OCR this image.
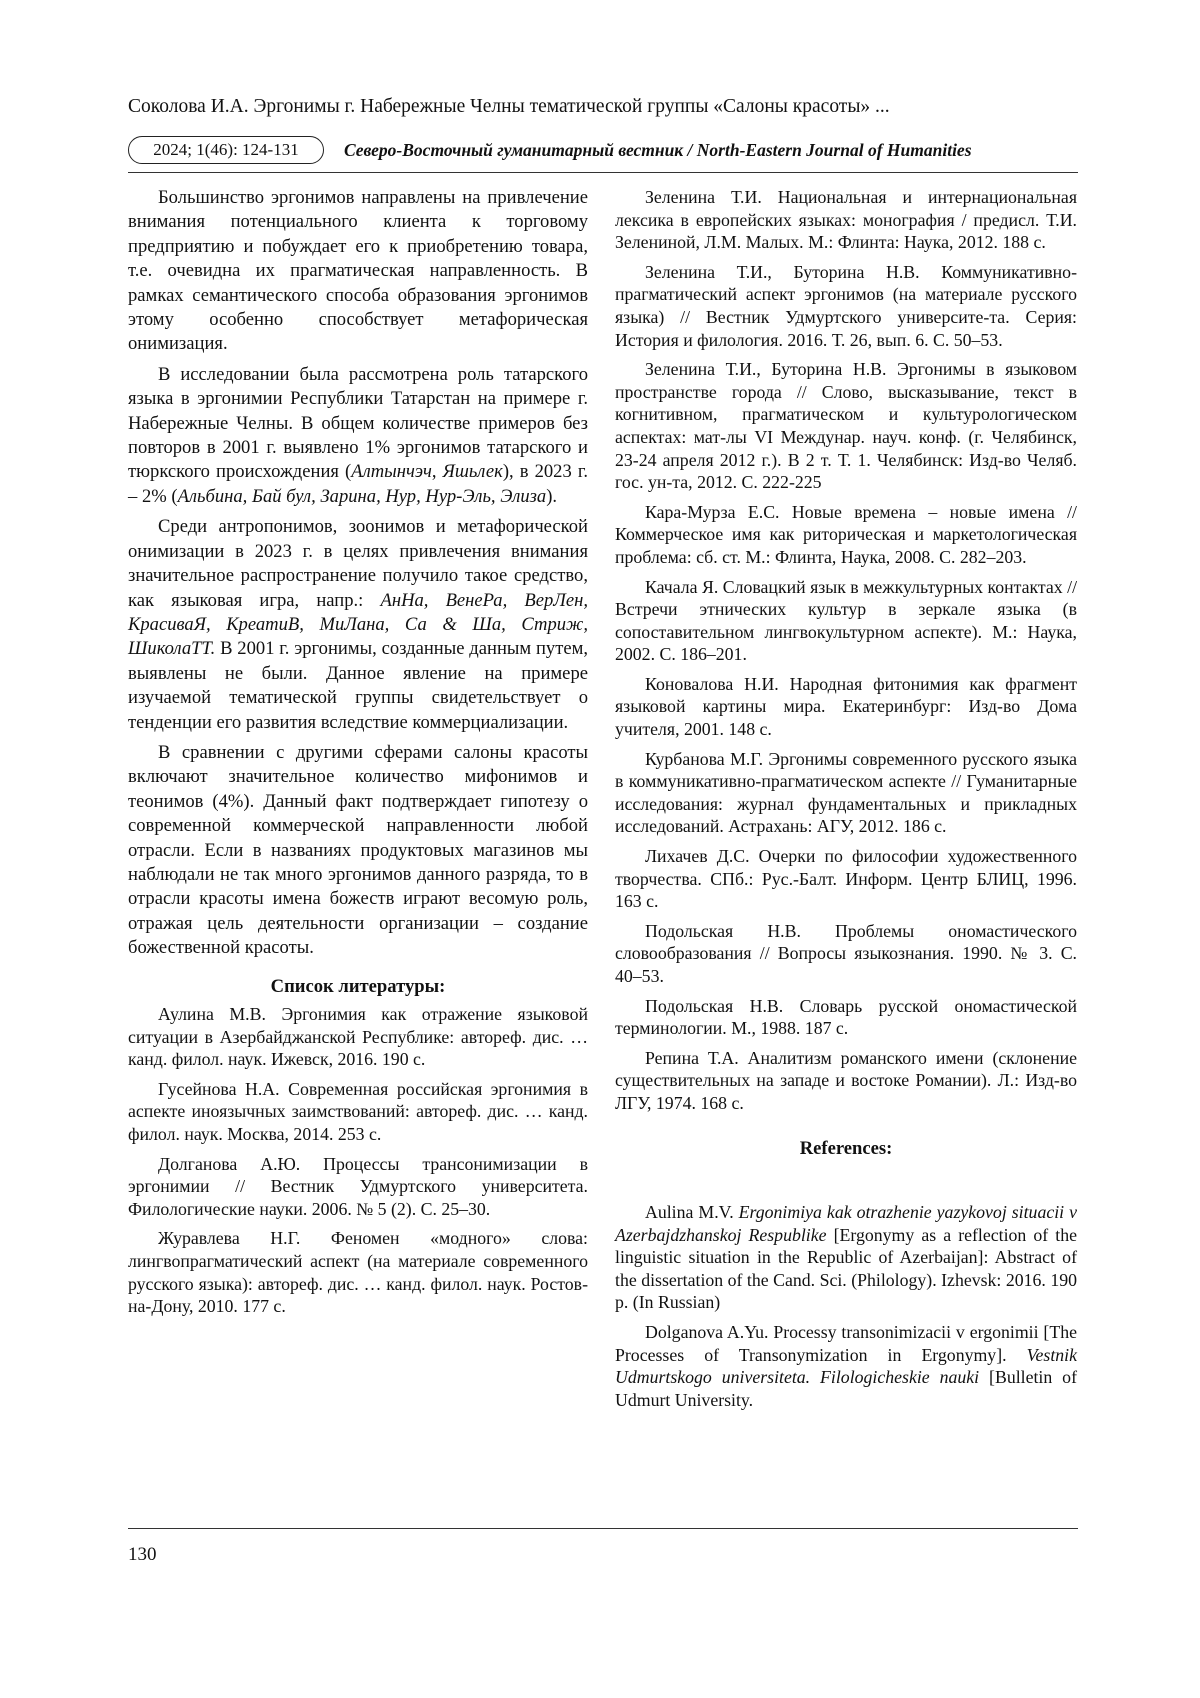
Соколова И.А. Эргонимы г. Набережные Челны тематической группы «Салоны красоты» ...
2024; 1(46): 124-131	Северо-Восточный гуманитарный вестник / North-Eastern Journal of Humanities

Большинство эргонимов направлены на привлечение внимания потенциального клиента к торговому предприятию и побуждает его к приобретению товара, т.е. очевидна их прагматическая направленность. В рамках семантического способа образования эргонимов этому особенно способствует метафорическая онимизация.

В исследовании была рассмотрена роль татарского языка в эргонимии Республики Татарстан на примере г. Набережные Челны. В общем количестве примеров без повторов в 2001 г. выявлено 1% эргонимов татарского и тюркского происхождения (Алтынчэч, Яшьлек), в 2023 г. – 2% (Альбина, Бай бул, Зарина, Нур, Нур-Эль, Элиза).

Среди антропонимов, зоонимов и метафорической онимизации в 2023 г. в целях привлечения внимания значительное распространение получило такое средство, как языковая игра, напр.: АнНа, ВенеРа, ВерЛен, КрасиваЯ, КреатиВ, МиЛана, Са & Ша, Стриж, ШиколаТТ. В 2001 г. эргонимы, созданные данным путем, выявлены не были. Данное явление на примере изучаемой тематической группы свидетельствует о тенденции его развития вследствие коммерциализации.

В сравнении с другими сферами салоны красоты включают значительное количество мифонимов и теонимов (4%). Данный факт подтверждает гипотезу о современной коммерческой направленности любой отрасли. Если в названиях продуктовых магазинов мы наблюдали не так много эргонимов данного разряда, то в отрасли красоты имена божеств играют весомую роль, отражая цель деятельности организации – создание божественной красоты.

Список литературы:

Аулина М.В. Эргонимия как отражение языковой ситуации в Азербайджанской Республике: автореф. дис. … канд. филол. наук. Ижевск, 2016. 190 с.

Гусейнова Н.А. Современная российская эргонимия в аспекте иноязычных заимствований: автореф. дис. … канд. филол. наук. Москва, 2014. 253 с.

Долганова А.Ю. Процессы трансонимизации в эргонимии // Вестник Удмуртского университета. Филологические науки. 2006. № 5 (2). С. 25–30.

Журавлева Н.Г. Феномен «модного» слова: лингвопрагматический аспект (на материале современного русского языка): автореф. дис. … канд. филол. наук. Ростов-на-Дону, 2010. 177 с.

Зеленина Т.И. Национальная и интернациональная лексика в европейских языках: монография / предисл. Т.И. Зелениной, Л.М. Малых. М.: Флинта: Наука, 2012. 188 с.

Зеленина Т.И., Буторина Н.В. Коммуникативно-прагматический аспект эргонимов (на материале русского языка) // Вестник Удмуртского университе-та. Серия: История и филология. 2016. Т. 26, вып. 6. С. 50–53.

Зеленина Т.И., Буторина Н.В. Эргонимы в языковом пространстве города // Слово, высказывание, текст в когнитивном, прагматическом и культурологическом аспектах: мат-лы VI Междунар. науч. конф. (г. Челябинск, 23-24 апреля 2012 г.). В 2 т. Т. 1. Челябинск: Изд-во Челяб. гос. ун-та, 2012. С. 222-225

Кара-Мурза Е.С. Новые времена – новые имена // Коммерческое имя как риторическая и маркетологическая проблема: сб. ст. М.: Флинта, Наука, 2008. С. 282–203.

Качала Я. Словацкий язык в межкультурных контактах // Встречи этнических культур в зеркале языка (в сопоставительном лингвокультурном аспекте). М.: Наука, 2002. С. 186–201.

Коновалова Н.И. Народная фитонимия как фрагмент языковой картины мира. Екатеринбург: Изд-во Дома учителя, 2001. 148 с.

Курбанова М.Г. Эргонимы современного русского языка в коммуникативно-прагматическом аспекте // Гуманитарные исследования: журнал фундаментальных и прикладных исследований. Астрахань: АГУ, 2012. 186 с.

Лихачев Д.С. Очерки по философии художественного творчества. СПб.: Рус.-Балт. Информ. Центр БЛИЦ, 1996. 163 с.

Подольская Н.В. Проблемы ономастического словообразования // Вопросы языкознания. 1990. № 3. С. 40–53.

Подольская Н.В. Словарь русской ономастической терминологии. М., 1988. 187 с.

Репина Т.А. Аналитизм романского имени (склонение существительных на западе и востоке Романии). Л.: Изд-во ЛГУ, 1974. 168 с.

References:

Aulina M.V. Ergonimiya kak otrazhenie yazykovoj situacii v Azerbajdzhanskoj Respublike [Ergonymy as a reflection of the linguistic situation in the Republic of Azerbaijan]: Abstract of the dissertation of the Cand. Sci. (Philology). Izhevsk: 2016. 190 p. (In Russian)

Dolganova A.Yu. Processy transonimizacii v ergonimii [The Processes of Transonymization in Ergonymy]. Vestnik Udmurtskogo universiteta. Filologicheskie nauki [Bulletin of Udmurt University.

130
